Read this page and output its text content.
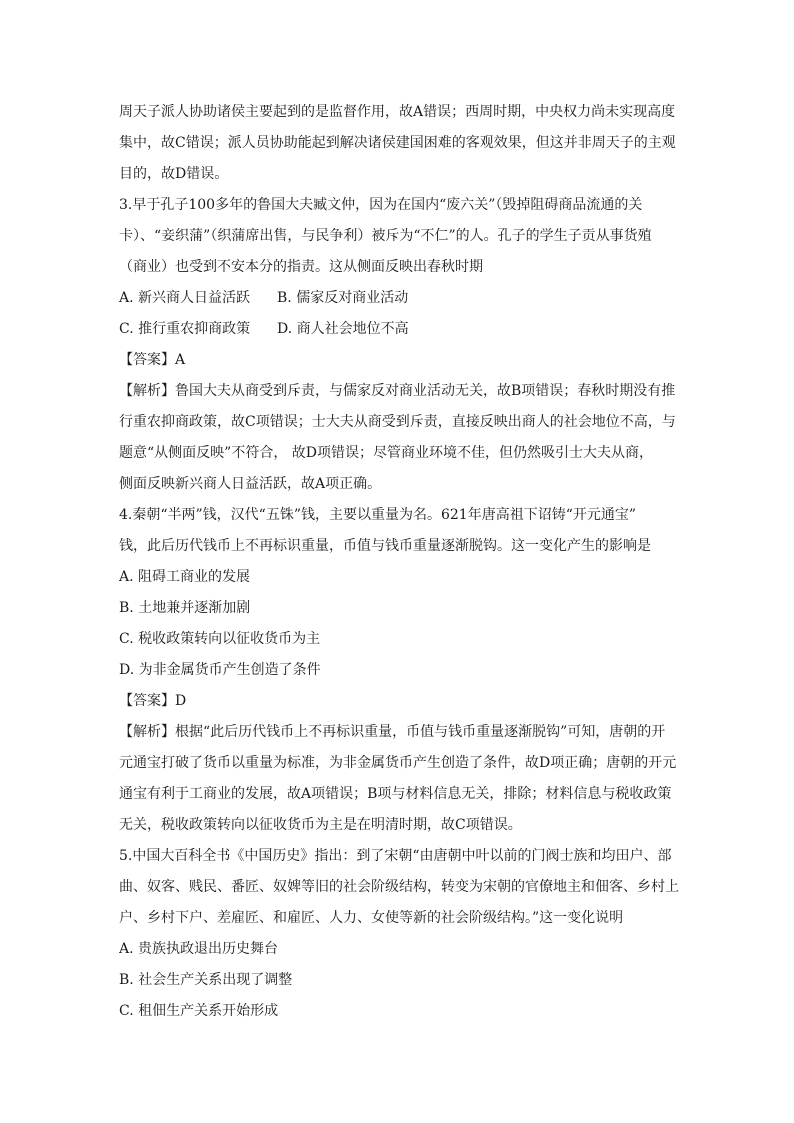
周天子派人协助诸侯主要起到的是监督作用，故A错误；西周时期，中央权力尚未实现高度
集中，故C错误；派人员协助能起到解决诸侯建国困难的客观效果，但这并非周天子的主观
目的，故D错误。
3.早于孔子100多年的鲁国大夫臧文仲，因为在国内“废六关”（毁掉阻碍商品流通的关
卡）、“妾织蒲”（织蒲席出售，与民争利）被斥为“不仁”的人。孔子的学生子贡从事货殖
（商业）也受到不安本分的指责。这从侧面反映出春秋时期
A. 新兴商人日益活跃 B. 儒家反对商业活动
C. 推行重农抑商政策 D. 商人社会地位不高
【答案】A
【解析】鲁国大夫从商受到斥责，与儒家反对商业活动无关，故B项错误；春秋时期没有推
行重农抑商政策，故C项错误；士大夫从商受到斥责，直接反映出商人的社会地位不高，与
题意“从侧面反映”不符合， 故D项错误；尽管商业环境不佳，但仍然吸引士大夫从商，
侧面反映新兴商人日益活跃，故A项正确。
4.秦朝“半两”钱，汉代“五铢”钱，主要以重量为名。621年唐高祖下诏铸“开元通宝”
钱，此后历代钱币上不再标识重量，币值与钱币重量逐渐脱钩。这一变化产生的影响是
A. 阻碍工商业的发展
B. 土地兼并逐渐加剧
C. 税收政策转向以征收货币为主
D. 为非金属货币产生创造了条件
【答案】D
【解析】根据“此后历代钱币上不再标识重量，币值与钱币重量逐渐脱钩”可知，唐朝的开
元通宝打破了货币以重量为标准，为非金属货币产生创造了条件，故D项正确；唐朝的开元
通宝有利于工商业的发展，故A项错误；B项与材料信息无关，排除；材料信息与税收政策
无关，税收政策转向以征收货币为主是在明清时期，故C项错误。
5.中国大百科全书《中国历史》指出：到了宋朝“由唐朝中叶以前的门阀士族和均田户、部
曲、奴客、贱民、番匠、奴婢等旧的社会阶级结构，转变为宋朝的官僚地主和佃客、乡村上
户、乡村下户、差雇匠、和雇匠、人力、女使等新的社会阶级结构。”这一变化说明
A. 贵族执政退出历史舞台
B. 社会生产关系出现了调整
C. 租佃生产关系开始形成
